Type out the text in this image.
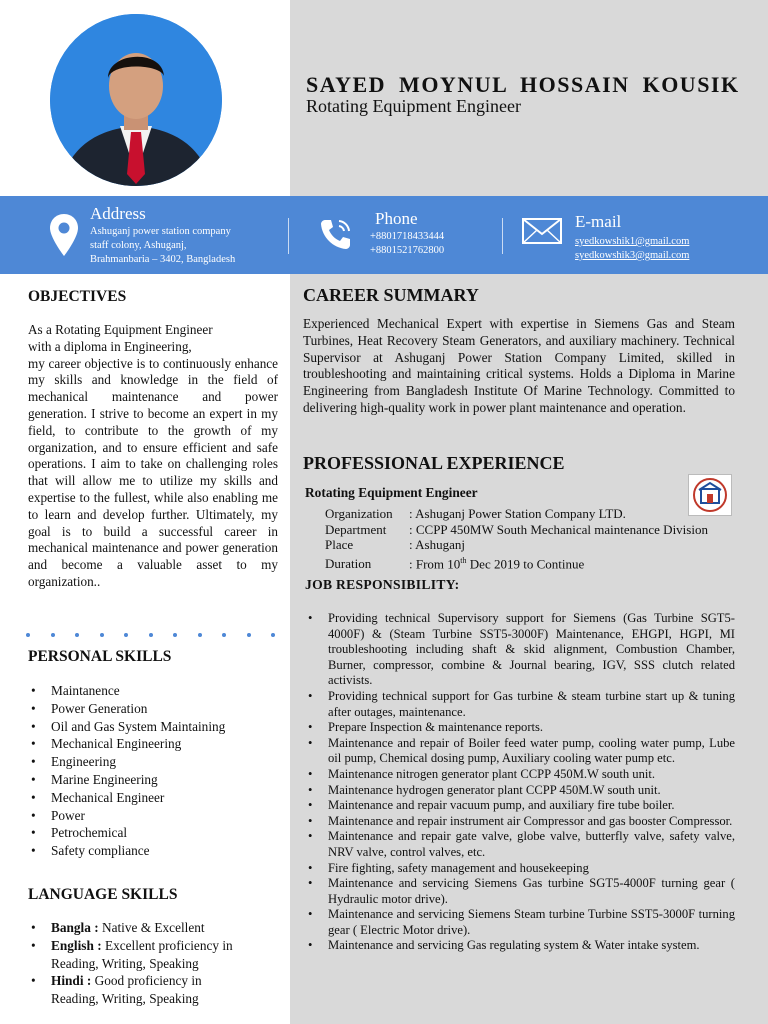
SAYED MOYNUL HOSSAIN KOUSIK
Rotating Equipment Engineer
Address
Ashuganj power station company
staff colony, Ashuganj,
Brahmanbaria – 3402, Bangladesh
Phone
+8801718433444
+8801521762800
E-mail
syedkowshik1@gmail.com
syedkowshik3@gmail.com
OBJECTIVES
As a Rotating Equipment Engineer
with a diploma in Engineering,
my career objective is to continuously enhance my skills and knowledge in the field of mechanical maintenance and power generation. I strive to become an expert in my field, to contribute to the growth of my organization, and to ensure efficient and safe operations. I aim to take on challenging roles that will allow me to utilize my skills and expertise to the fullest, while also enabling me to learn and develop further. Ultimately, my goal is to build a successful career in mechanical maintenance and power generation and become a valuable asset to my organization..
PERSONAL SKILLS
• Maintanence
• Power Generation
• Oil and Gas System Maintaining
• Mechanical Engineering
• Engineering
• Marine Engineering
• Mechanical Engineer
• Power
• Petrochemical
• Safety compliance
LANGUAGE SKILLS
• Bangla : Native & Excellent
• English : Excellent proficiency in
Reading, Writing, Speaking
• Hindi : Good proficiency in
Reading, Writing, Speaking
CAREER SUMMARY
Experienced Mechanical Expert with expertise in Siemens Gas and Steam Turbines, Heat Recovery Steam Generators, and auxiliary machinery. Technical Supervisor at Ashuganj Power Station Company Limited, skilled in troubleshooting and maintaining critical systems. Holds a Diploma in Marine Engineering from Bangladesh Institute Of Marine Technology. Committed to delivering high-quality work in power plant maintenance and operation.
PROFESSIONAL EXPERIENCE
Rotating Equipment Engineer
Organization : Ashuganj Power Station Company LTD.
Department : CCPP 450MW South Mechanical maintenance Division
Place	: Ashuganj
Duration	: From 10th Dec 2019 to Continue
JOB RESPONSIBILITY:
• Providing technical Supervisory support for Siemens (Gas Turbine SGT5-4000F) & (Steam Turbine SST5-3000F) Maintenance, EHGPI, HGPI, MI troubleshooting including shaft & skid alignment, Combustion Chamber, Burner, compressor, combine & Journal bearing, IGV, SSS clutch related activists.
• Providing technical support for Gas turbine & steam turbine start up & tuning after outages, maintenance.
• Prepare Inspection & maintenance reports.
• Maintenance and repair of Boiler feed water pump, cooling water pump, Lube oil pump, Chemical dosing pump, Auxiliary cooling water pump etc.
• Maintenance nitrogen generator plant CCPP 450M.W south unit.
• Maintenance hydrogen generator plant CCPP 450M.W south unit.
• Maintenance and repair vacuum pump, and auxiliary fire tube boiler.
• Maintenance and repair instrument air Compressor and gas booster Compressor.
• Maintenance and repair gate valve, globe valve, butterfly valve, safety valve, NRV valve, control valves, etc.
• Fire fighting, safety management and housekeeping
• Maintenance and servicing Siemens Gas turbine SGT5-4000F turning gear ( Hydraulic motor drive).
• Maintenance and servicing Siemens Steam turbine Turbine SST5-3000F turning gear ( Electric Motor drive).
• Maintenance and servicing Gas regulating system & Water intake system.
